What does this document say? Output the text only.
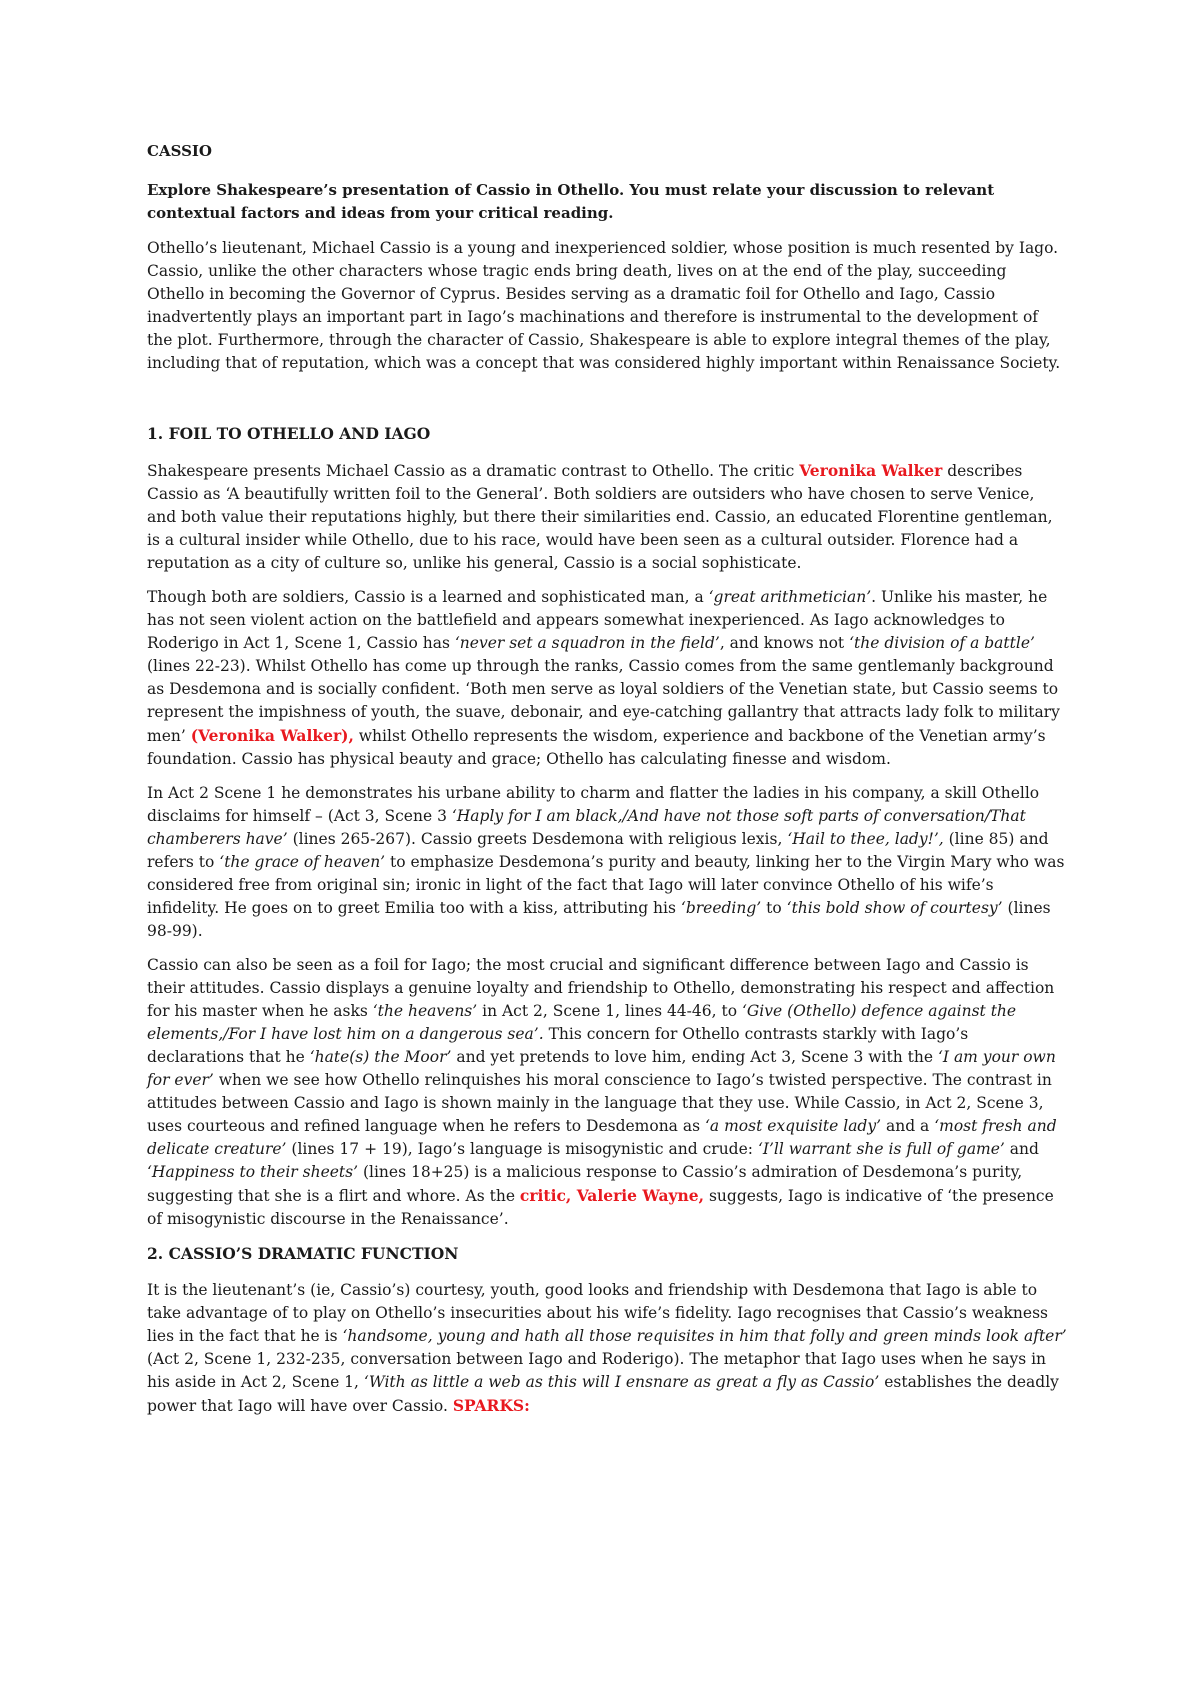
CASSIO
Explore Shakespeare’s presentation of Cassio in Othello. You must relate your discussion to relevant contextual factors and ideas from your critical reading.

Othello’s lieutenant, Michael Cassio is a young and inexperienced soldier, whose position is much resented by Iago. Cassio, unlike the other characters whose tragic ends bring death, lives on at the end of the play, succeeding Othello in becoming the Governor of Cyprus. Besides serving as a dramatic foil for Othello and Iago, Cassio inadvertently plays an important part in Iago’s machinations and therefore is instrumental to the development of the plot. Furthermore, through the character of Cassio, Shakespeare is able to explore integral themes of the play, including that of reputation, which was a concept that was considered highly important within Renaissance Society.

1. FOIL TO OTHELLO AND IAGO

Shakespeare presents Michael Cassio as a dramatic contrast to Othello. The critic Veronika Walker describes Cassio as ‘A beautifully written foil to the General’. Both soldiers are outsiders who have chosen to serve Venice, and both value their reputations highly, but there their similarities end. Cassio, an educated Florentine gentleman, is a cultural insider while Othello, due to his race, would have been seen as a cultural outsider. Florence had a reputation as a city of culture so, unlike his general, Cassio is a social sophisticate.

Though both are soldiers, Cassio is a learned and sophisticated man, a ‘great arithmetician’. Unlike his master, he has not seen violent action on the battlefield and appears somewhat inexperienced. As Iago acknowledges to Roderigo in Act 1, Scene 1, Cassio has ‘never set a squadron in the field’, and knows not ‘the division of a battle’ (lines 22-23). Whilst Othello has come up through the ranks, Cassio comes from the same gentlemanly background as Desdemona and is socially confident. ‘Both men serve as loyal soldiers of the Venetian state, but Cassio seems to represent the impishness of youth, the suave, debonair, and eye-catching gallantry that attracts lady folk to military men’ (Veronika Walker), whilst Othello represents the wisdom, experience and backbone of the Venetian army’s foundation. Cassio has physical beauty and grace; Othello has calculating finesse and wisdom.

In Act 2 Scene 1 he demonstrates his urbane ability to charm and flatter the ladies in his company, a skill Othello disclaims for himself – (Act 3, Scene 3 ‘Haply for I am black,/And have not those soft parts of conversation/That chamberers have’ (lines 265-267). Cassio greets Desdemona with religious lexis, ‘Hail to thee, lady!’, (line 85) and refers to ‘the grace of heaven’ to emphasize Desdemona’s purity and beauty, linking her to the Virgin Mary who was considered free from original sin; ironic in light of the fact that Iago will later convince Othello of his wife’s infidelity. He goes on to greet Emilia too with a kiss, attributing his ‘breeding’ to ‘this bold show of courtesy’ (lines 98-99).

Cassio can also be seen as a foil for Iago; the most crucial and significant difference between Iago and Cassio is their attitudes. Cassio displays a genuine loyalty and friendship to Othello, demonstrating his respect and affection for his master when he asks ‘the heavens’ in Act 2, Scene 1, lines 44-46, to ‘Give (Othello) defence against the elements,/For I have lost him on a dangerous sea’. This concern for Othello contrasts starkly with Iago’s declarations that he ‘hate(s) the Moor’ and yet pretends to love him, ending Act 3, Scene 3 with the ‘I am your own for ever’ when we see how Othello relinquishes his moral conscience to Iago’s twisted perspective. The contrast in attitudes between Cassio and Iago is shown mainly in the language that they use. While Cassio, in Act 2, Scene 3, uses courteous and refined language when he refers to Desdemona as ‘a most exquisite lady’ and a ‘most fresh and delicate creature’ (lines 17 + 19), Iago’s language is misogynistic and crude: ‘I’ll warrant she is full of game’ and ‘Happiness to their sheets’ (lines 18+25) is a malicious response to Cassio’s admiration of Desdemona’s purity, suggesting that she is a flirt and whore. As the critic, Valerie Wayne, suggests, Iago is indicative of ‘the presence of misogynistic discourse in the Renaissance’.

2. CASSIO’S DRAMATIC FUNCTION

It is the lieutenant’s (ie, Cassio’s) courtesy, youth, good looks and friendship with Desdemona that Iago is able to take advantage of to play on Othello’s insecurities about his wife’s fidelity. Iago recognises that Cassio’s weakness lies in the fact that he is ‘handsome, young and hath all those requisites in him that folly and green minds look after’ (Act 2, Scene 1, 232-235, conversation between Iago and Roderigo). The metaphor that Iago uses when he says in his aside in Act 2, Scene 1, ‘With as little a web as this will I ensnare as great a fly as Cassio’ establishes the deadly power that Iago will have over Cassio. SPARKS:
